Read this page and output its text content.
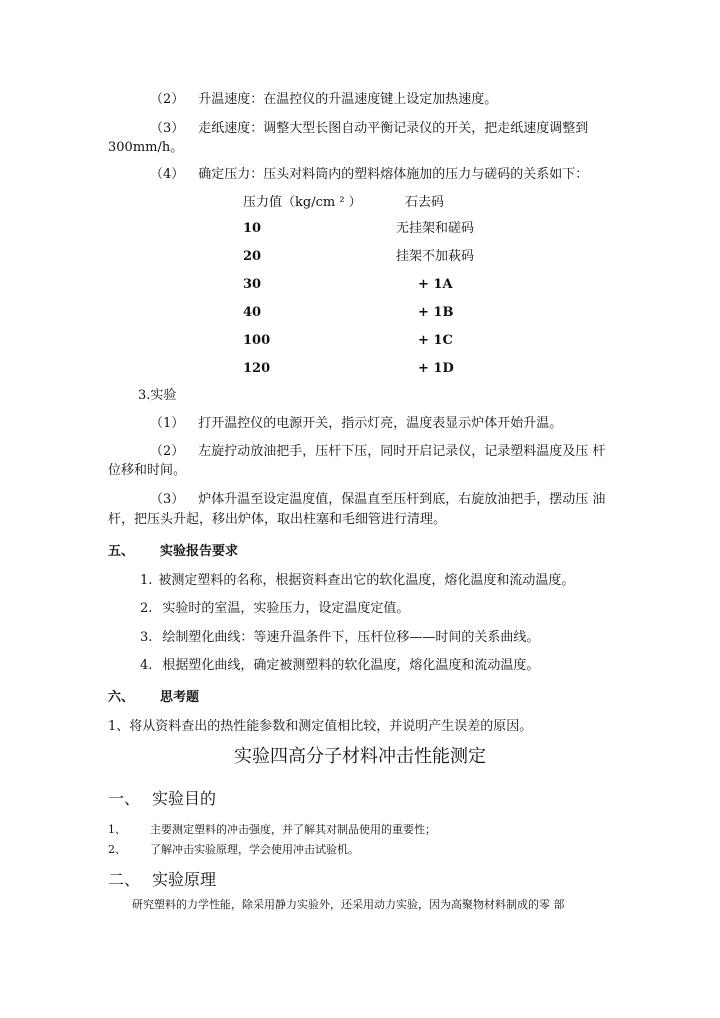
（2） 升温速度：在温控仪的升温速度键上设定加热速度。
（3） 走纸速度：调整大型长图自动平衡记录仪的开关，把走纸速度调整到
300mm/h。
（4） 确定压力：压头对料筒内的塑料熔体施加的压力与磋码的关系如下：
压力值（kg/cm ² ）	石去码
10	无挂架和磋码
20	挂架不加萩码
30	+ 1A
40	+ 1B
100	+ 1C
120	+ 1D
3.实验
（1） 打开温控仪的电源开关，指示灯亮，温度表显示炉体开始升温。
（2） 左旋拧动放油把手，压杆下压，同时开启记录仪，记录塑料温度及压 杆
位移和时间。
（3） 炉体升温至设定温度值，保温直至压杆到底，右旋放油把手，摆动压 油
杆，把压头升起，移出炉体，取出柱塞和毛细管进行清理。
五、 实验报告要求
1. 被测定塑料的名称，根据资料查出它的软化温度，熔化温度和流动温度。
2. 实验时的室温，实验压力，设定温度定值。
3. 绘制塑化曲线：等速升温条件下，压杆位移——时间的关系曲线。
4. 根据塑化曲线，确定被测塑料的软化温度，熔化温度和流动温度。
六、 思考题
1、将从资料查出的热性能参数和测定值相比较，并说明产生误差的原因。
实验四高分子材料冲击性能测定
一、 实验目的
1、 主要测定塑料的冲击强度，并了解其对制品使用的重要性；
2、 了解冲击实验原理，学会使用冲击试验机。
二、 实验原理
研究塑料的力学性能，除采用静力实验外，还采用动力实验，因为高聚物材料制成的零 部
